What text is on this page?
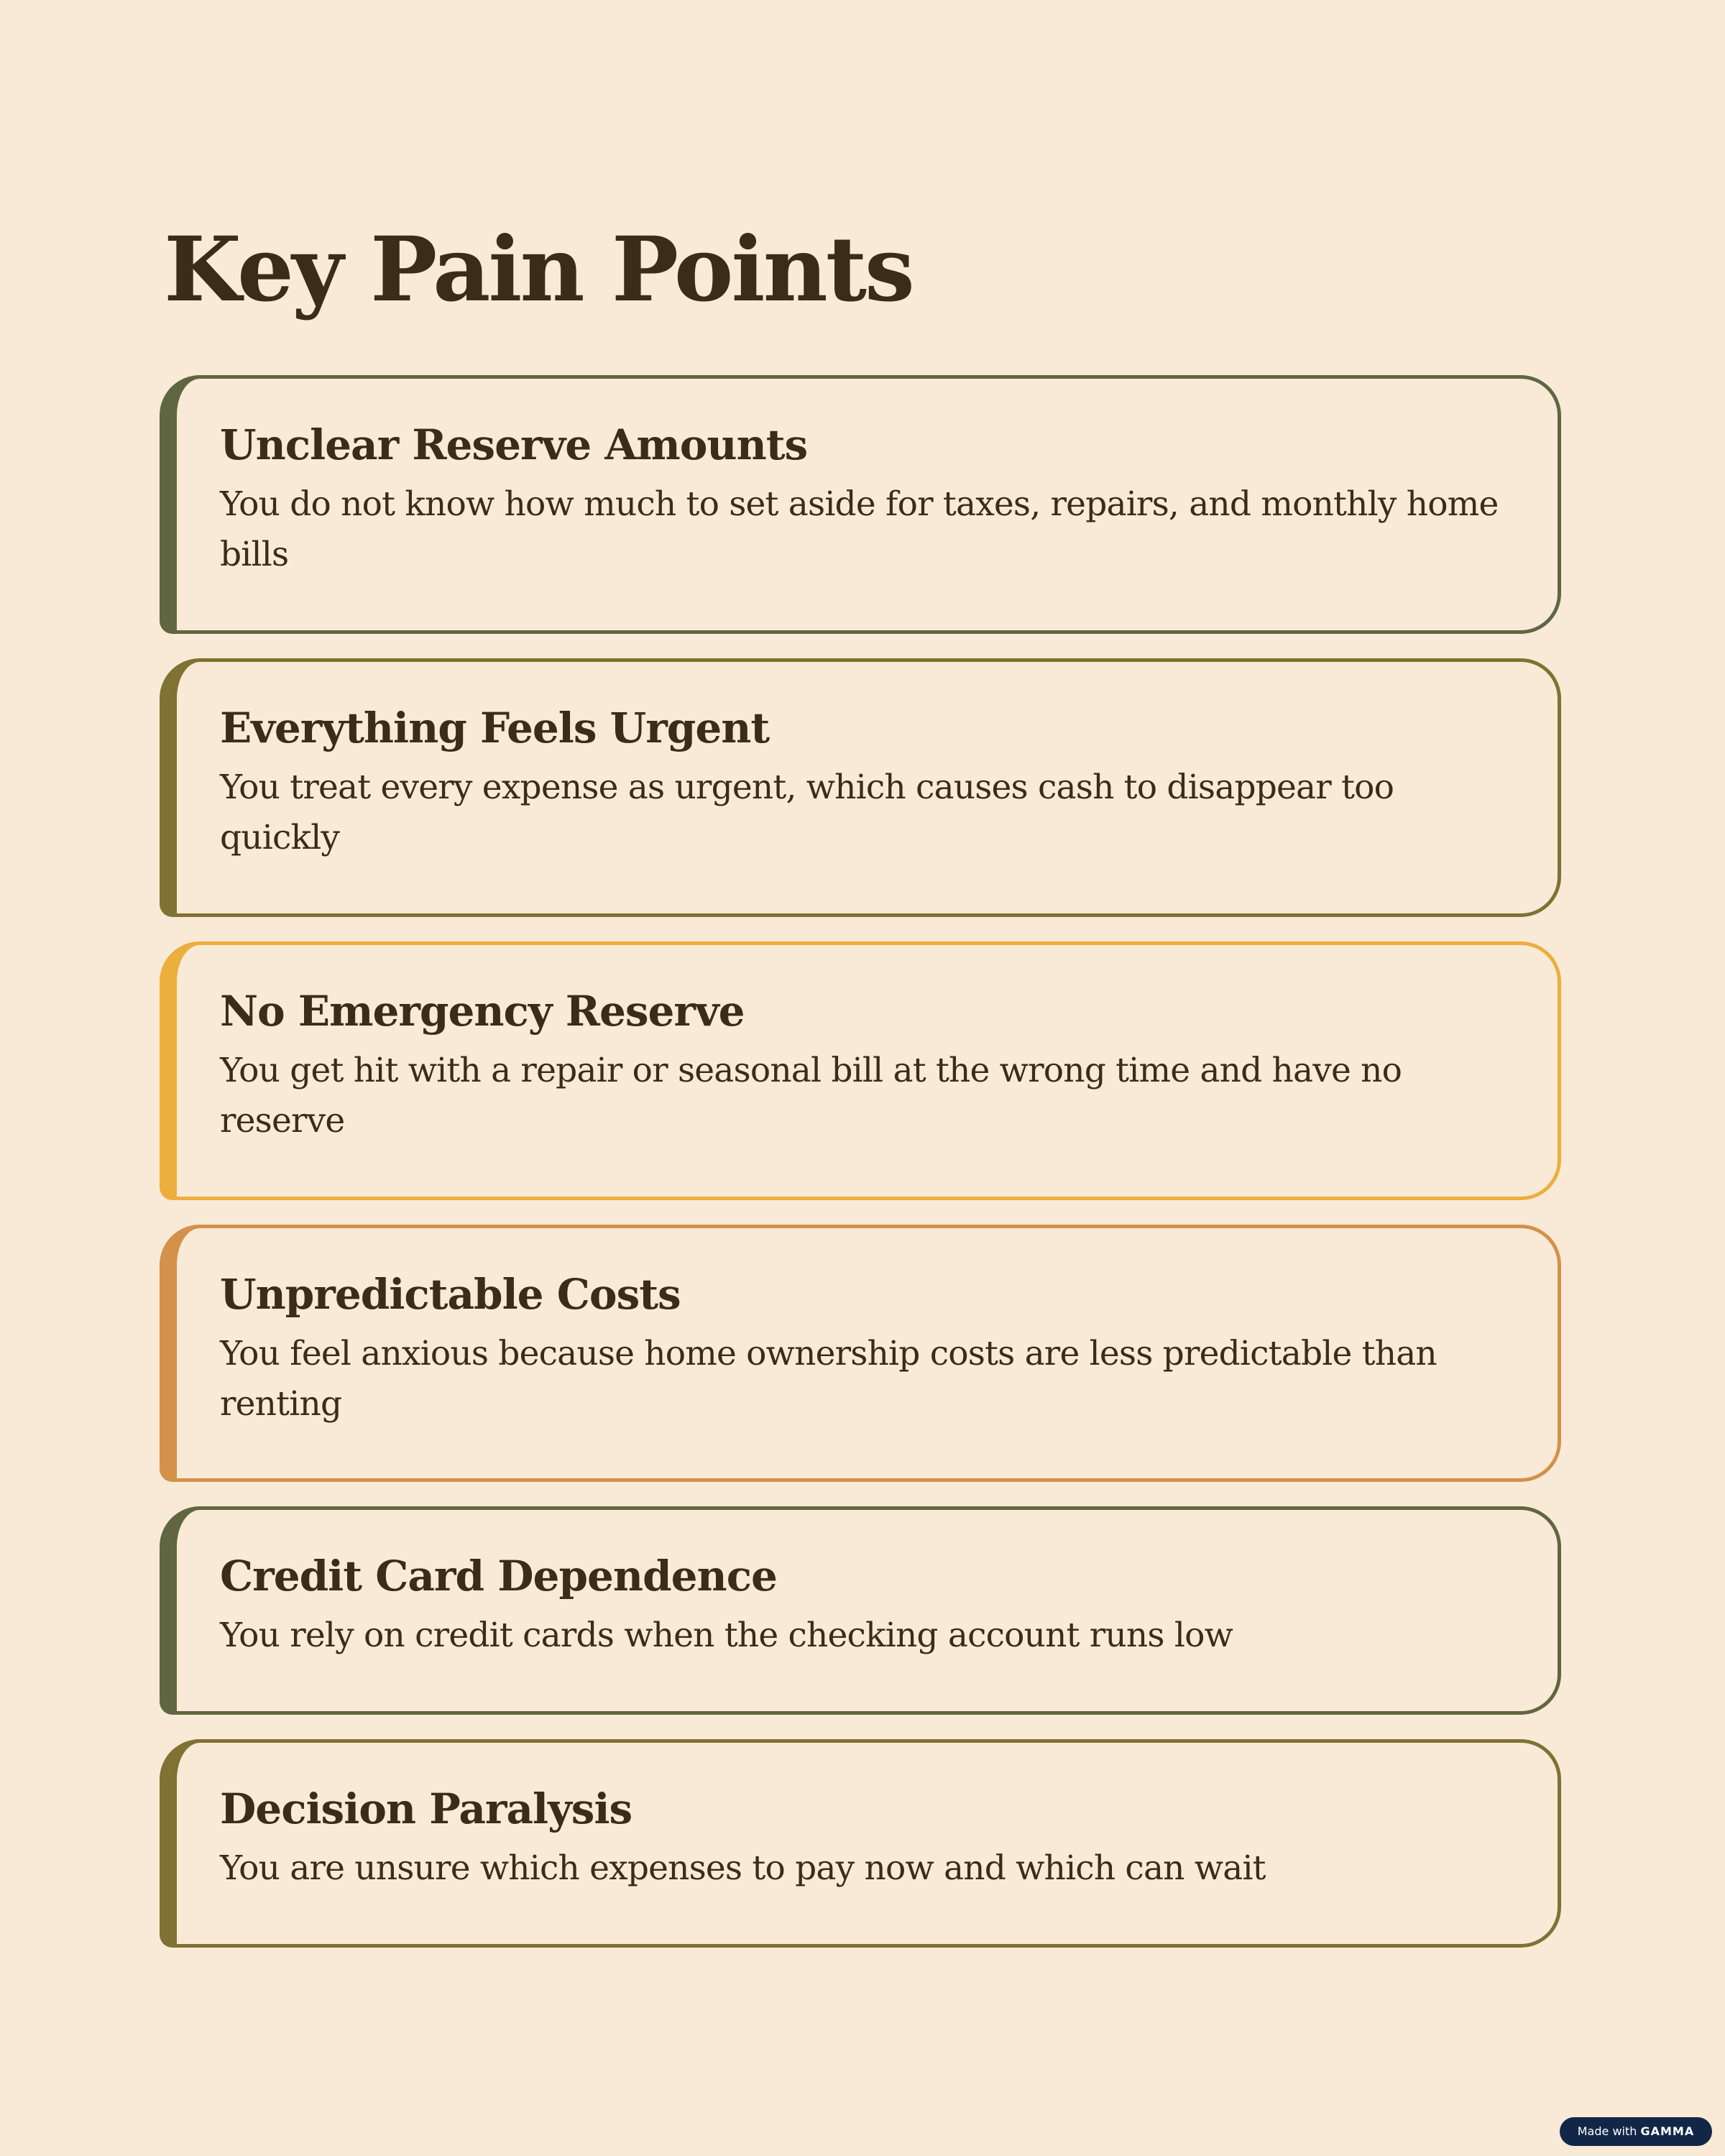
Key Pain Points
Unclear Reserve Amounts

You do not know how much to set aside for taxes, repairs, and monthly home bills

Everything Feels Urgent

You treat every expense as urgent, which causes cash to disappear too quickly

No Emergency Reserve

You get hit with a repair or seasonal bill at the wrong time and have no reserve

Unpredictable Costs

You feel anxious because home ownership costs are less predictable than renting

Credit Card Dependence

You rely on credit cards when the checking account runs low

Decision Paralysis

You are unsure which expenses to pay now and which can wait

Made with GAMMA
